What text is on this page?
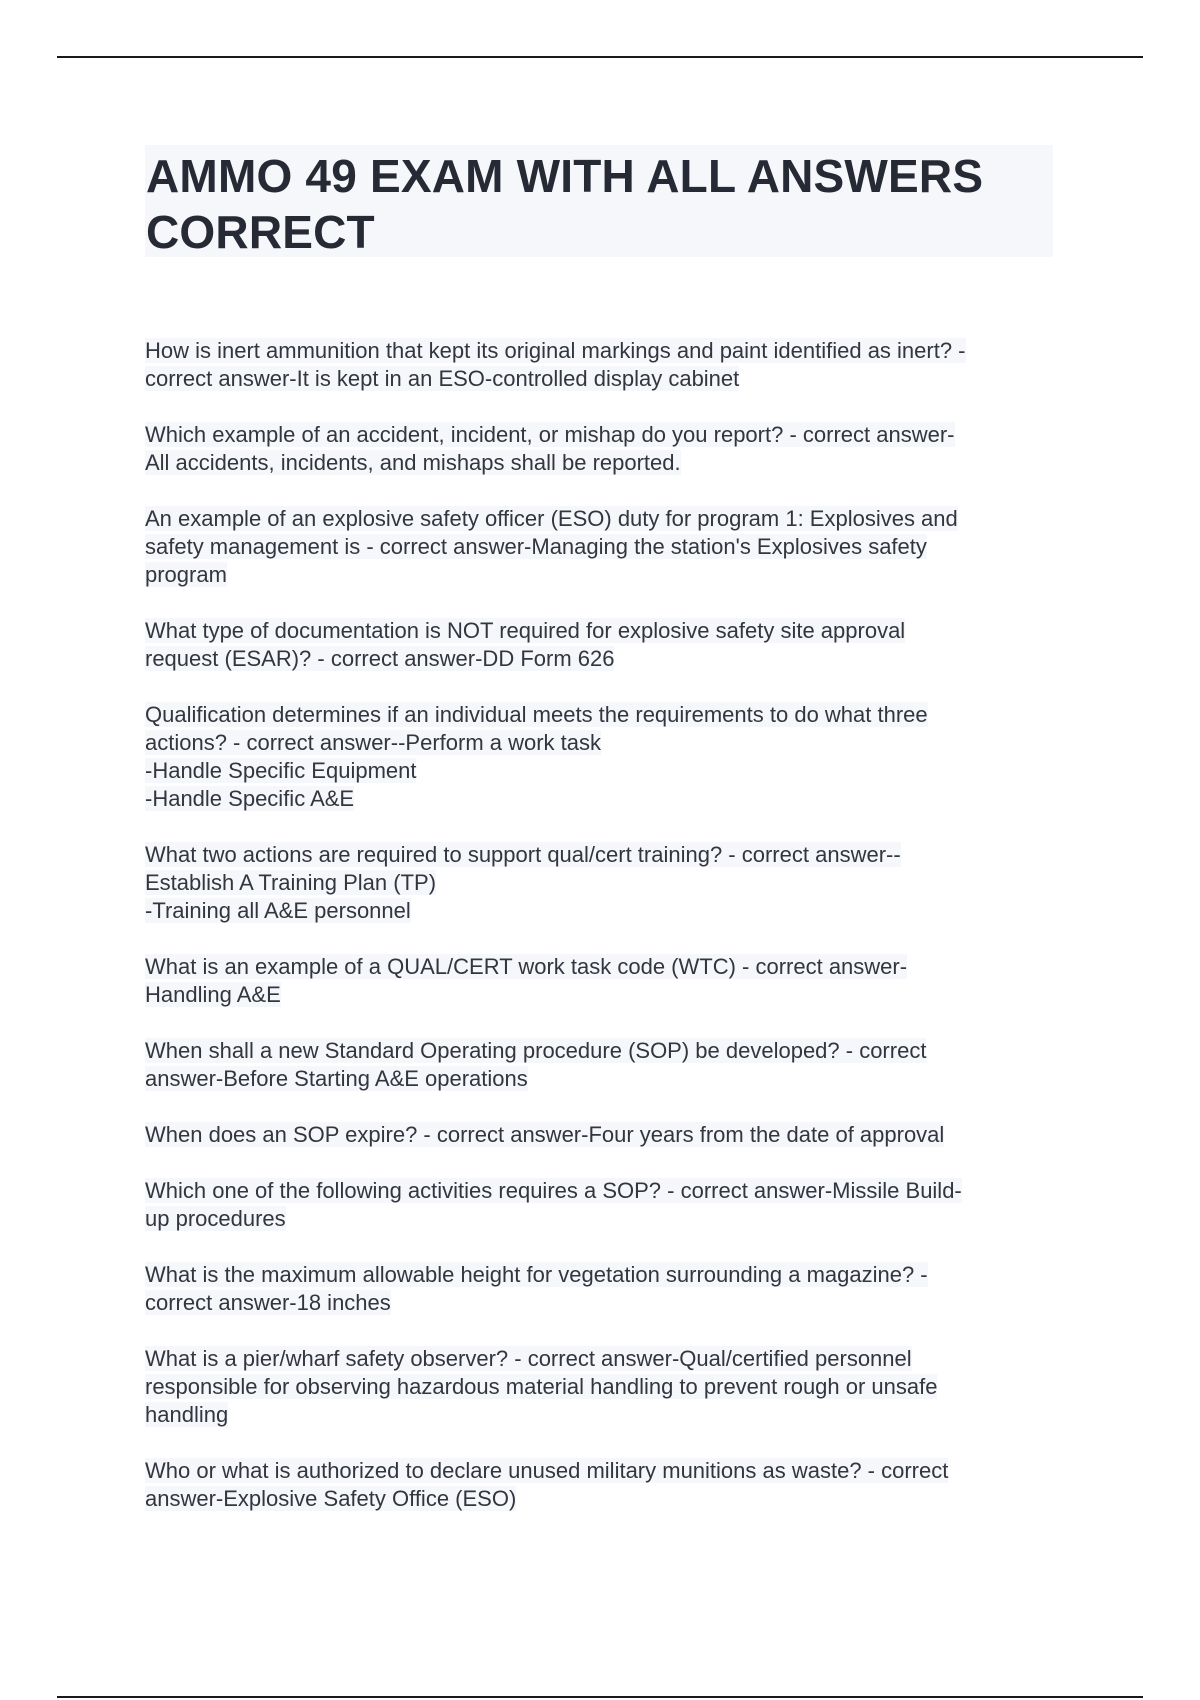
AMMO 49 EXAM WITH ALL ANSWERS CORRECT
How is inert ammunition that kept its original markings and paint identified as inert? -
correct answer-It is kept in an ESO-controlled display cabinet
Which example of an accident, incident, or mishap do you report? - correct answer-
All accidents, incidents, and mishaps shall be reported.
An example of an explosive safety officer (ESO) duty for program 1: Explosives and
safety management is - correct answer-Managing the station's Explosives safety
program
What type of documentation is NOT required for explosive safety site approval
request (ESAR)? - correct answer-DD Form 626
Qualification determines if an individual meets the requirements to do what three
actions? - correct answer--Perform a work task
-Handle Specific Equipment
-Handle Specific A&E
What two actions are required to support qual/cert training? - correct answer--
Establish A Training Plan (TP)
-Training all A&E personnel
What is an example of a QUAL/CERT work task code (WTC) - correct answer-
Handling A&E
When shall a new Standard Operating procedure (SOP) be developed? - correct
answer-Before Starting A&E operations
When does an SOP expire? - correct answer-Four years from the date of approval
Which one of the following activities requires a SOP? - correct answer-Missile Build-
up procedures
What is the maximum allowable height for vegetation surrounding a magazine? -
correct answer-18 inches
What is a pier/wharf safety observer? - correct answer-Qual/certified personnel
responsible for observing hazardous material handling to prevent rough or unsafe
handling
Who or what is authorized to declare unused military munitions as waste? - correct
answer-Explosive Safety Office (ESO)
